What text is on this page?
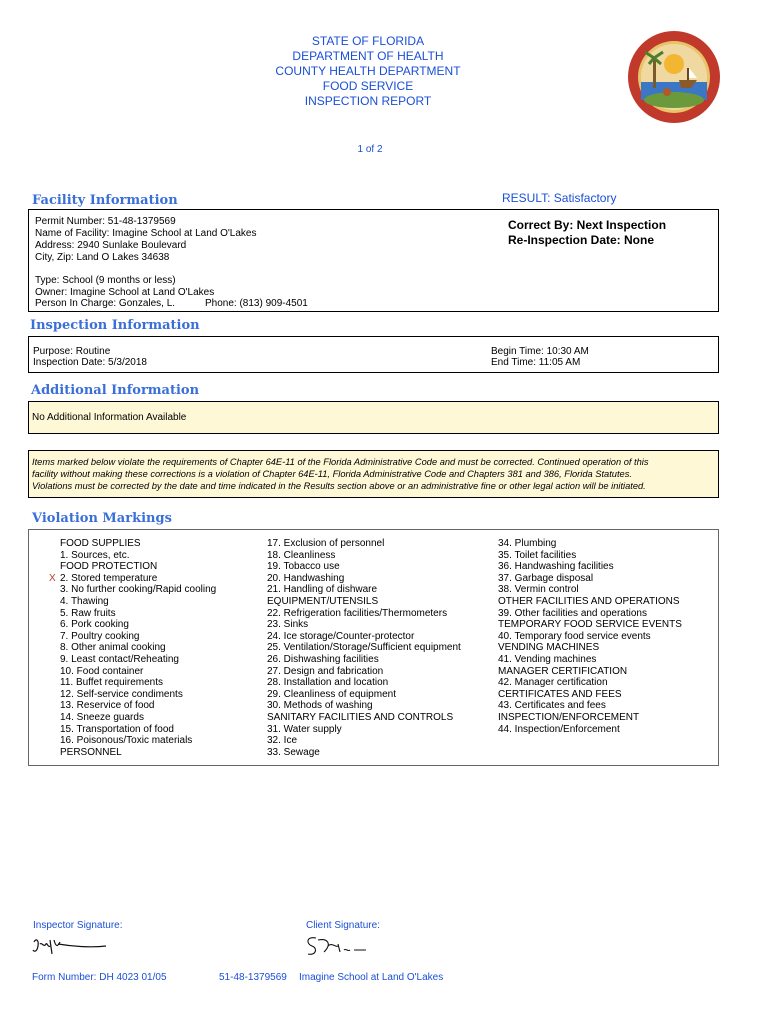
STATE OF FLORIDA
DEPARTMENT OF HEALTH
COUNTY HEALTH DEPARTMENT
FOOD SERVICE
INSPECTION REPORT
1 of 2
Facility Information	RESULT: Satisfactory
Permit Number: 51-48-1379569
Name of Facility: Imagine School at Land O'Lakes
Address: 2940 Sunlake Boulevard
City, Zip: Land O Lakes 34638
Type: School (9 months or less)
Owner: Imagine School at Land O'Lakes
Person In Charge: Gonzales, L.	Phone: (813) 909-4501
Correct By: Next Inspection
Re-Inspection Date: None
Inspection Information
Purpose: Routine
Inspection Date: 5/3/2018
Begin Time: 10:30 AM
End Time: 11:05 AM
Additional Information
No Additional Information Available
Items marked below violate the requirements of Chapter 64E-11 of the Florida Administrative Code and must be corrected. Continued operation of this
facility without making these corrections is a violation of Chapter 64E-11, Florida Administrative Code and Chapters 381 and 386, Florida Statutes.
Violations must be corrected by the date and time indicated in the Results section above or an administrative fine or other legal action will be initiated.
Violation Markings
FOOD SUPPLIES
1. Sources, etc.
FOOD PROTECTION
X 2. Stored temperature
3. No further cooking/Rapid cooling
4. Thawing
5. Raw fruits
6. Pork cooking
7. Poultry cooking
8. Other animal cooking
9. Least contact/Reheating
10. Food container
11. Buffet requirements
12. Self-service condiments
13. Reservice of food
14. Sneeze guards
15. Transportation of food
16. Poisonous/Toxic materials
PERSONNEL
17. Exclusion of personnel
18. Cleanliness
19. Tobacco use
20. Handwashing
21. Handling of dishware
EQUIPMENT/UTENSILS
22. Refrigeration facilities/Thermometers
23. Sinks
24. Ice storage/Counter-protector
25. Ventilation/Storage/Sufficient equipment
26. Dishwashing facilities
27. Design and fabrication
28. Installation and location
29. Cleanliness of equipment
30. Methods of washing
SANITARY FACILITIES AND CONTROLS
31. Water supply
32. Ice
33. Sewage
34. Plumbing
35. Toilet facilities
36. Handwashing facilities
37. Garbage disposal
38. Vermin control
OTHER FACILITIES AND OPERATIONS
39. Other facilities and operations
TEMPORARY FOOD SERVICE EVENTS
40. Temporary food service events
VENDING MACHINES
41. Vending machines
MANAGER CERTIFICATION
42. Manager certification
CERTIFICATES AND FEES
43. Certificates and fees
INSPECTION/ENFORCEMENT
44. Inspection/Enforcement
Inspector Signature:	Client Signature:
Form Number: DH 4023 01/05	51-48-1379569 Imagine School at Land O'Lakes
